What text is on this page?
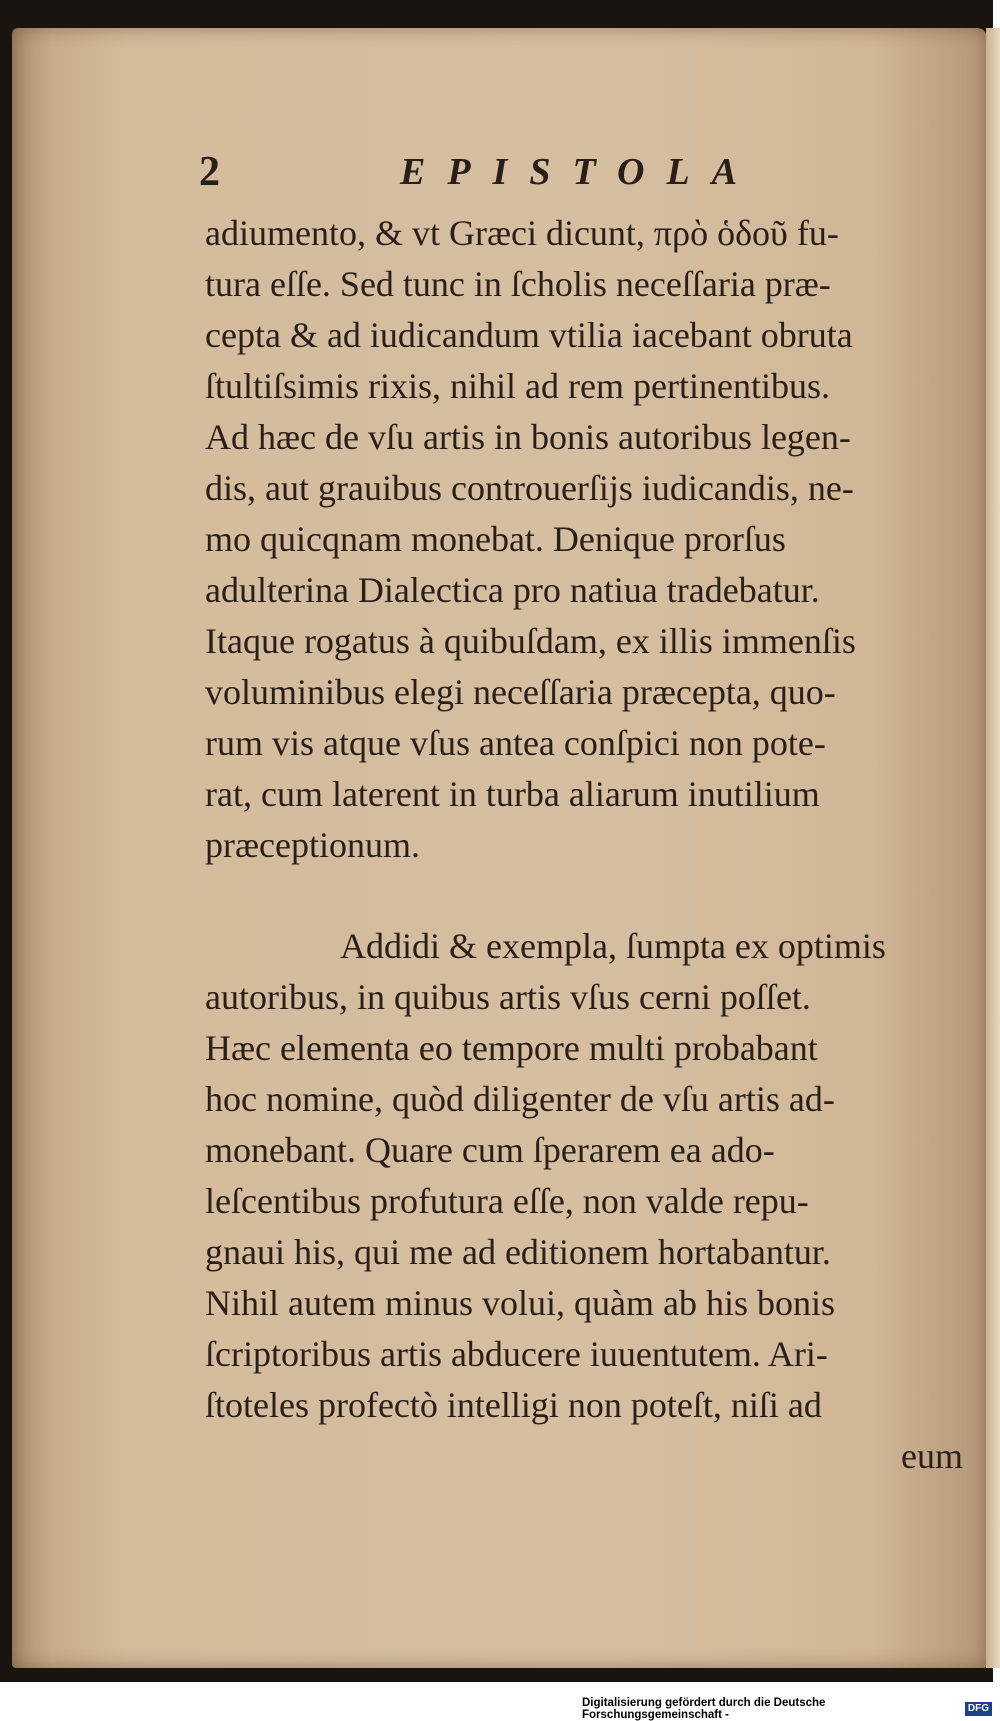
2	EPISTOLA

adiumento, & vt Græci dicunt, πρὸ ὁδοῦ fu-

tura eſſe. Sed tunc in ſcholis neceſſaria præ-

cepta & ad iudicandum vtilia iacebant obruta

ſtultiſsimis rixis, nihil ad rem pertinentibus.

Ad hæc de vſu artis in bonis autoribus legen-

dis, aut grauibus controuerſijs iudicandis, ne-

mo quicqnam monebat. Denique prorſus

adulterina Dialectica pro natiua tradebatur.

Itaque rogatus à quibuſdam, ex illis immenſis

voluminibus elegi neceſſaria præcepta, quo-

rum vis atque vſus antea conſpici non pote-

rat, cum laterent in turba aliarum inutilium

præceptionum.

Addidi & exempla, ſumpta ex optimis

autoribus, in quibus artis vſus cerni poſſet.

Hæc elementa eo tempore multi probabant

hoc nomine, quòd diligenter de vſu artis ad-

monebant. Quare cum ſperarem ea ado-

leſcentibus profutura eſſe, non valde repu-

gnaui his, qui me ad editionem hortabantur.

Nihil autem minus volui, quàm ab his bonis

ſcriptoribus artis abducere iuuentutem. Ari-

ſtoteles profectò intelligi non poteſt, niſi ad

eum

Digitalisierung gefördert durch die Deutsche Forschungsgemeinschaft -
DFG
